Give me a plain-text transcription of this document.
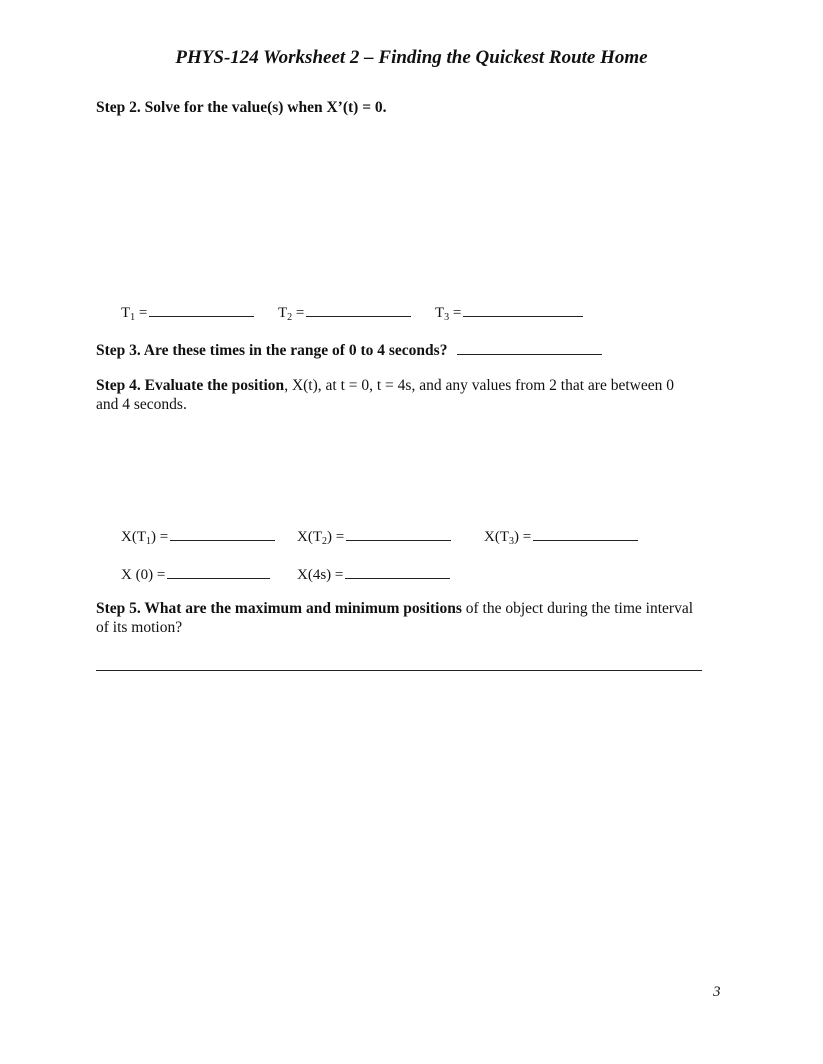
PHYS-124 Worksheet 2 – Finding the Quickest Route Home
Step 2. Solve for the value(s) when X’(t) = 0.
$T_1$ =	$T_2$ =	$T_3$ =
Step 3. Are these times in the range of 0 to 4 seconds?
Step 4. Evaluate the position, X(t), at t = 0, t = 4s, and any values from 2 that are between 0
and 4 seconds.
$X(T_1)$ =	$X(T_2)$ =	$X(T_3)$ =
X (0) =	X(4s) =
Step 5. What are the maximum and minimum positions of the object during the time interval
of its motion?
3
